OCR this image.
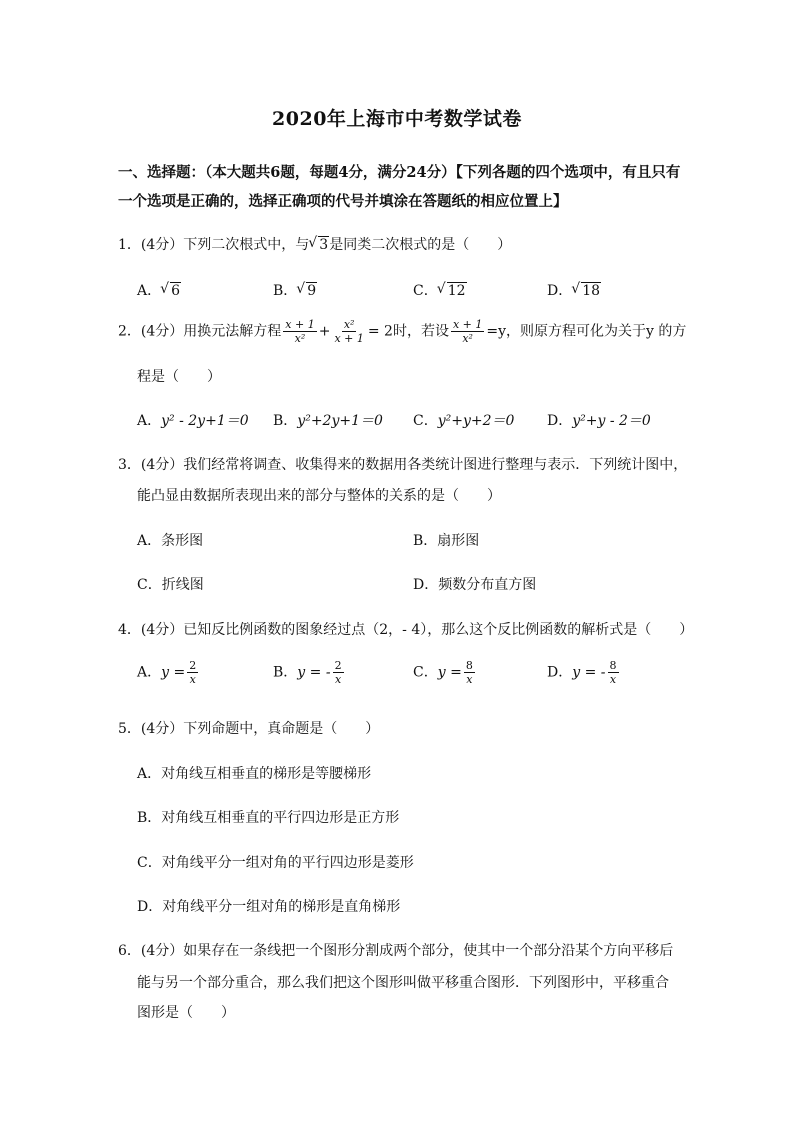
2020年上海市中考数学试卷
一、选择题：（本大题共6题，每题4分，满分24分）【下列各题的四个选项中，有且只有一个选项是正确的，选择正确项的代号并填涂在答题纸的相应位置上】
1．(4分）下列二次根式中，与 √ 3是同类二次根式的是（　　）
A． √ 6	B． √ 9	C． √ 12	D． √ 18
2．(4分）用换元法解方程 $\frac{x + 1}{\text{x²}} + \frac{\text{x²}}{x + 1} = 2$时，若设 $\frac{x + 1}{\text{x²}} =y$，则原方程可化为关于y 的方
程是（　　）
A．y² - 2y+1＝0 B．y²+2y+1＝0 C．y²+y+2＝0 D．y²+y - 2＝0
3．(4分）我们经常将调查、收集得来的数据用各类统计图进行整理与表示．下列统计图中，
能凸显由数据所表现出来的部分与整体的关系的是（　　）
A．条形图	B．扇形图
C．折线图	D．频数分布直方图
4．(4分）已知反比例函数的图象经过点（2，- 4），那么这个反比例函数的解析式是（　　）
A．$y = \frac{2}{x}$	B．y = - $\frac{2}{x}$	C．$y = \frac{8}{x}$	D．y = - $\frac{8}{x}$
5．(4分）下列命题中，真命题是（　　）
A．对角线互相垂直的梯形是等腰梯形
B．对角线互相垂直的平行四边形是正方形
C．对角线平分一组对角的平行四边形是菱形
D．对角线平分一组对角的梯形是直角梯形
6．(4分）如果存在一条线把一个图形分割成两个部分，使其中一个部分沿某个方向平移后
能与另一个部分重合，那么我们把这个图形叫做平移重合图形．下列图形中，平移重合
图形是（　　）
